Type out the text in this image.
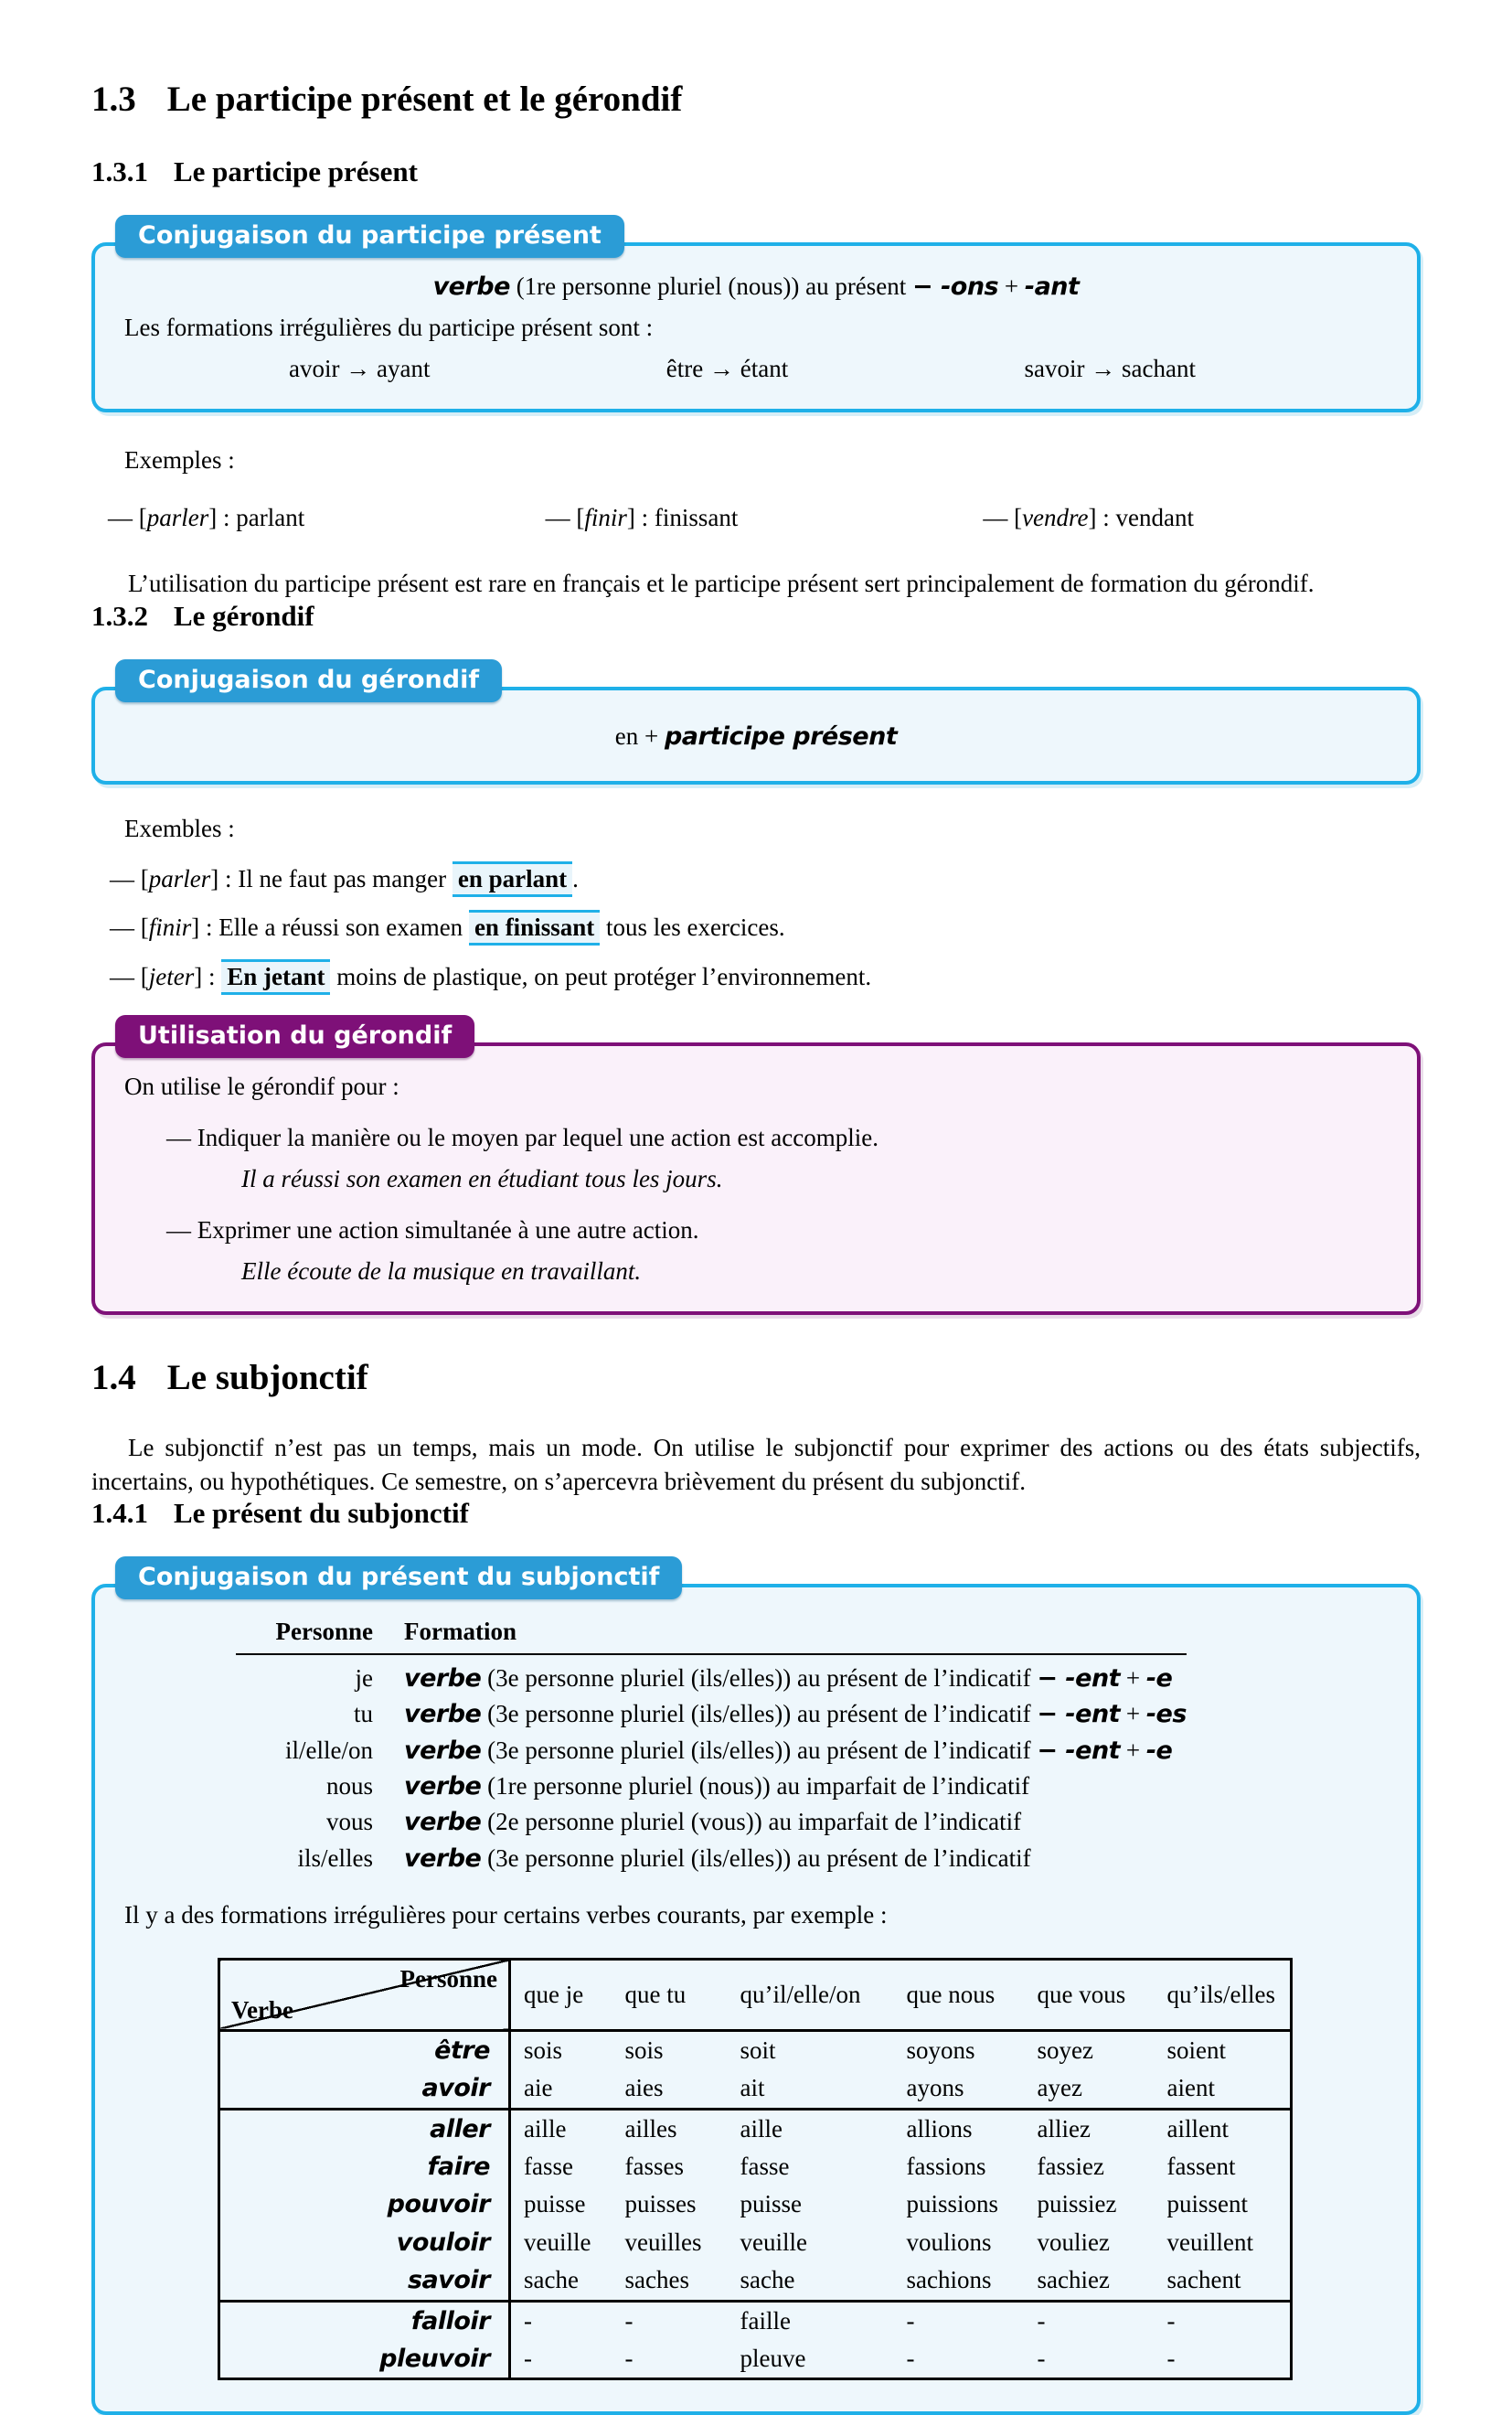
1.3 Le participe présent et le gérondif
1.3.1 Le participe présent
Conjugaison du participe présent
verbe (1re personne pluriel (nous)) au présent − -ons + -ant
Les formations irrégulières du participe présent sont :
avoir → ayant	être → étant	savoir → sachant

Exemples :

— [parler] : parlant	— [finir] : finissant	— [vendre] : vendant

L’utilisation du participe présent est rare en français et le participe présent sert principalement de formation du gérondif.

1.3.2 Le gérondif
Conjugaison du gérondif
en + participe présent

Exembles :

— [parler] : Il ne faut pas manger en parlant .
— [finir] : Elle a réussi son examen en finissant tous les exercices.
— [jeter] : En jetant moins de plastique, on peut protéger l’environnement.
Utilisation du gérondif
On utilise le gérondif pour :
— Indiquer la manière ou le moyen par lequel une action est accomplie.
Il a réussi son examen en étudiant tous les jours.
— Exprimer une action simultanée à une autre action.
Elle écoute de la musique en travaillant.
1.4 Le subjonctif

Le subjonctif n’est pas un temps, mais un mode. On utilise le subjonctif pour exprimer des actions ou des états subjectifs, incertains, ou hypothétiques. Ce semestre, on s’apercevra brièvement du présent du subjonctif.

1.4.1 Le présent du subjonctif
Conjugaison du présent du subjonctif
Personne	Formation
je	verbe (3e personne pluriel (ils/elles)) au présent de l’indicatif − -ent + -e
tu	verbe (3e personne pluriel (ils/elles)) au présent de l’indicatif − -ent + -es
il/elle/on	verbe (3e personne pluriel (ils/elles)) au présent de l’indicatif − -ent + -e
nous	verbe (1re personne pluriel (nous)) au imparfait de l’indicatif
vous	verbe (2e personne pluriel (vous)) au imparfait de l’indicatif
ils/elles	verbe (3e personne pluriel (ils/elles)) au présent de l’indicatif
Il y a des formations irrégulières pour certains verbes courants, par exemple :
Personne
Verbe	que je	que tu	qu’il/elle/on	que nous	que vous	qu’ils/elles
être	sois	sois	soit	soyons	soyez	soient
avoir	aie	aies	ait	ayons	ayez	aient
aller	aille	ailles	aille	allions	alliez	aillent
faire	fasse	fasses	fasse	fassions	fassiez	fassent
pouvoir	puisse	puisses	puisse	puissions	puissiez	puissent
vouloir	veuille	veuilles	veuille	voulions	vouliez	veuillent
savoir	sache	saches	sache	sachions	sachiez	sachent
falloir	-	-	faille	-	-	-
pleuvoir	-	-	pleuve	-	-	-
